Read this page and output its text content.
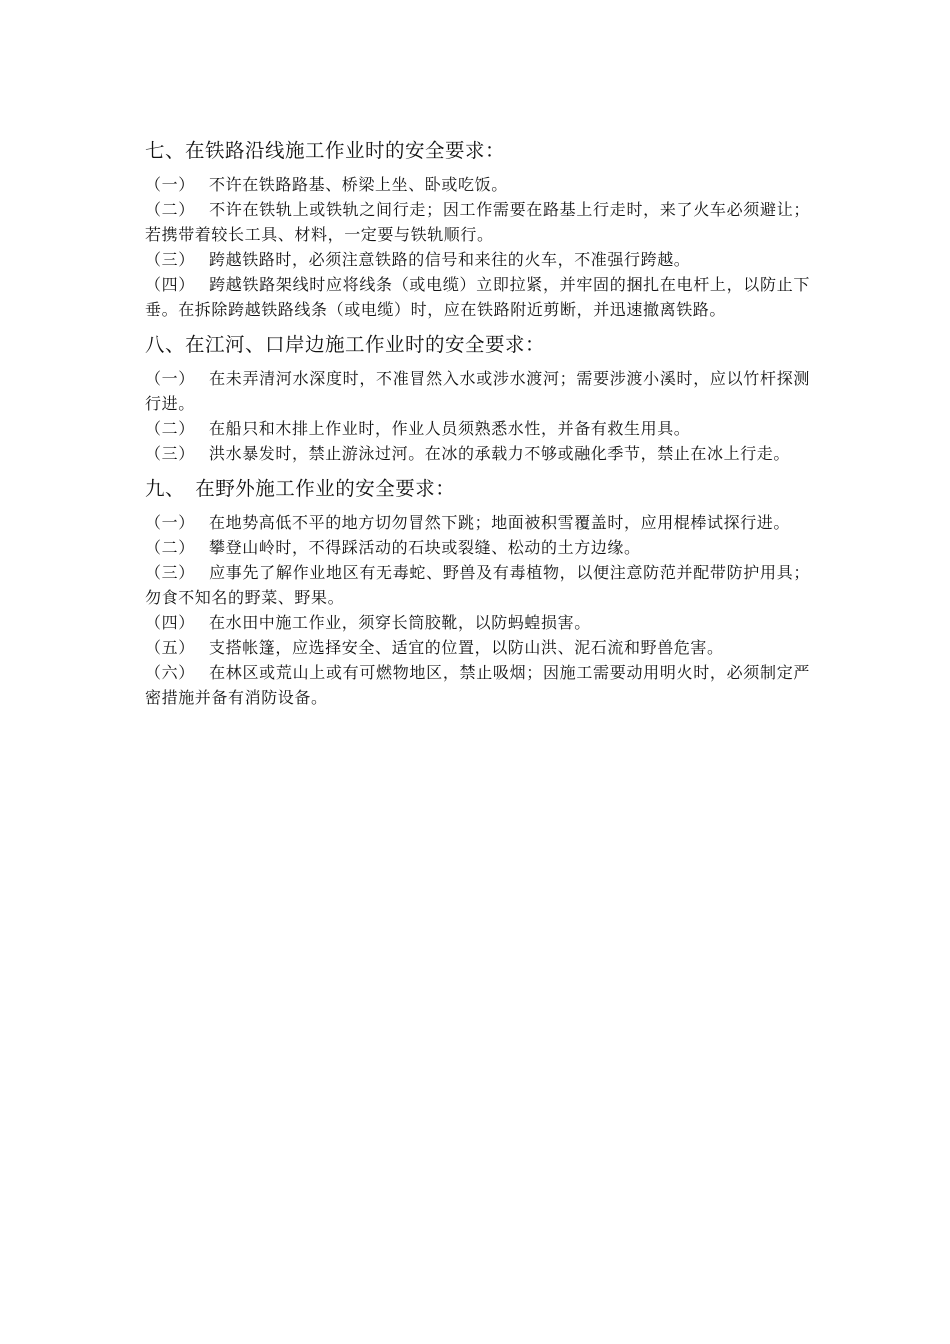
七、在铁路沿线施工作业时的安全要求：

（一） 不许在铁路路基、桥梁上坐、卧或吃饭。

（二） 不许在铁轨上或铁轨之间行走；因工作需要在路基上行走时，来了火车必须避让；若携带着较长工具、材料，一定要与铁轨顺行。

（三） 跨越铁路时，必须注意铁路的信号和来往的火车，不准强行跨越。

（四） 跨越铁路架线时应将线条（或电缆）立即拉紧，并牢固的捆扎在电杆上，以防止下垂。在拆除跨越铁路线条（或电缆）时，应在铁路附近剪断，并迅速撤离铁路。

八、在江河、口岸边施工作业时的安全要求：

（一） 在未弄清河水深度时，不准冒然入水或涉水渡河；需要涉渡小溪时，应以竹杆探测行进。

（二） 在船只和木排上作业时，作业人员须熟悉水性，并备有救生用具。

（三） 洪水暴发时，禁止游泳过河。在冰的承载力不够或融化季节，禁止在冰上行走。

九、　在野外施工作业的安全要求：

（一） 在地势高低不平的地方切勿冒然下跳；地面被积雪覆盖时，应用棍棒试探行进。

（二） 攀登山岭时，不得踩活动的石块或裂缝、松动的土方边缘。

（三） 应事先了解作业地区有无毒蛇、野兽及有毒植物，以便注意防范并配带防护用具；勿食不知名的野菜、野果。

（四） 在水田中施工作业，须穿长筒胶靴，以防蚂蝗损害。

（五） 支搭帐篷，应选择安全、适宜的位置，以防山洪、泥石流和野兽危害。

（六） 在林区或荒山上或有可燃物地区，禁止吸烟；因施工需要动用明火时，必须制定严密措施并备有消防设备。
